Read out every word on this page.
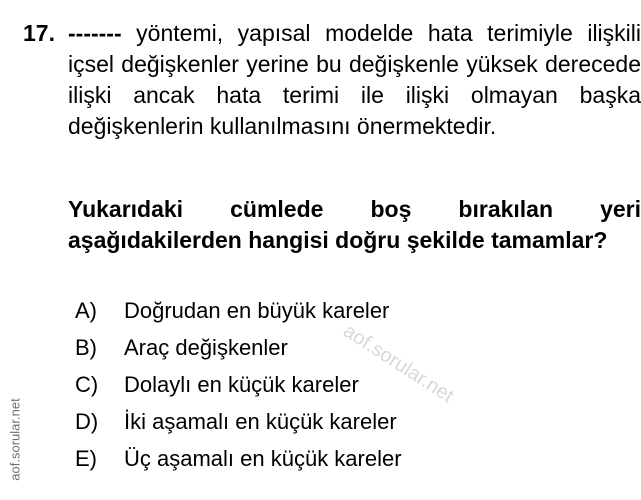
17. ------- yöntemi, yapısal modelde hata terimiyle ilişkili içsel değişkenler yerine bu değişkenle yüksek derecede ilişki ancak hata terimi ile ilişki olmayan başka değişkenlerin kullanılmasını önermektedir.
Yukarıdaki cümlede boş bırakılan yeri aşağıdakilerden hangisi doğru şekilde tamamlar?
A)	Doğrudan en büyük kareler
B)	Araç değişkenler
C)	Dolaylı en küçük kareler
D)	İki aşamalı en küçük kareler
E)	Üç aşamalı en küçük kareler
aof.sorular.net
aof.sorular.net
